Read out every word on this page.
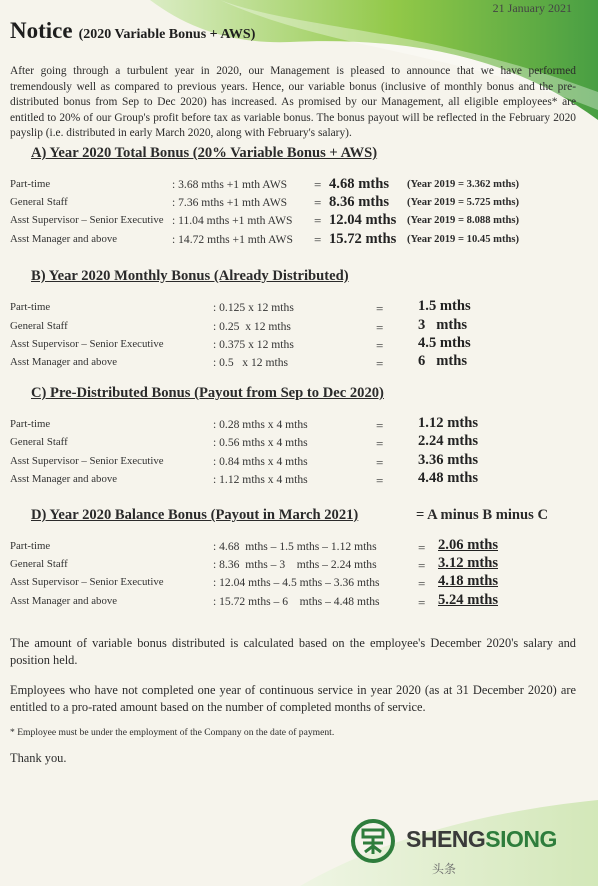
21 January 2021
Notice (2020 Variable Bonus + AWS)
After going through a turbulent year in 2020, our Management is pleased to announce that we have performed tremendously well as compared to previous years. Hence, our variable bonus (inclusive of monthly bonus and the pre-distributed bonus from Sep to Dec 2020) has increased. As promised by our Management, all eligible employees* are entitled to 20% of our Group's profit before tax as variable bonus. The bonus payout will be reflected in the February 2020 payslip (i.e. distributed in early March 2020, along with February's salary).
A) Year 2020 Total Bonus (20% Variable Bonus + AWS)
Part-time	: 3.68 mths +1 mth AWS = 4.68 mths (Year 2019 = 3.362 mths)
General Staff	: 7.36 mths +1 mth AWS = 8.36 mths (Year 2019 = 5.725 mths)
Asst Supervisor – Senior Executive : 11.04 mths +1 mth AWS = 12.04 mths (Year 2019 = 8.088 mths)
Asst Manager and above	: 14.72 mths +1 mth AWS = 15.72 mths (Year 2019 = 10.45 mths)
B) Year 2020 Monthly Bonus (Already Distributed)
Part-time	: 0.125 x 12 mths	= 1.5 mths
General Staff	: 0.25  x 12 mths	= 3   mths
Asst Supervisor – Senior Executive	: 0.375 x 12 mths	= 4.5 mths
Asst Manager and above	: 0.5   x 12 mths	= 6   mths
C) Pre-Distributed Bonus (Payout from Sep to Dec 2020)
Part-time	: 0.28 mths x 4 mths	= 1.12 mths
General Staff	: 0.56 mths x 4 mths	= 2.24 mths
Asst Supervisor – Senior Executive	: 0.84 mths x 4 mths	= 3.36 mths
Asst Manager and above	: 1.12 mths x 4 mths	= 4.48 mths
D) Year 2020 Balance Bonus (Payout in March 2021)	= A minus B minus C
Part-time	: 4.68  mths – 1.5 mths – 1.12 mths	= 2.06 mths
General Staff	: 8.36  mths – 3    mths – 2.24 mths	= 3.12 mths
Asst Supervisor – Senior Executive	: 12.04 mths – 4.5 mths – 3.36 mths	= 4.18 mths
Asst Manager and above	: 15.72 mths – 6    mths – 4.48 mths	= 5.24 mths
The amount of variable bonus distributed is calculated based on the employee's December 2020's salary and position held.
Employees who have not completed one year of continuous service in year 2020 (as at 31 December 2020) are entitled to a pro-rated amount based on the number of completed months of service.
* Employee must be under the employment of the Company on the date of payment.
Thank you.
SHENGSIONG
头条
